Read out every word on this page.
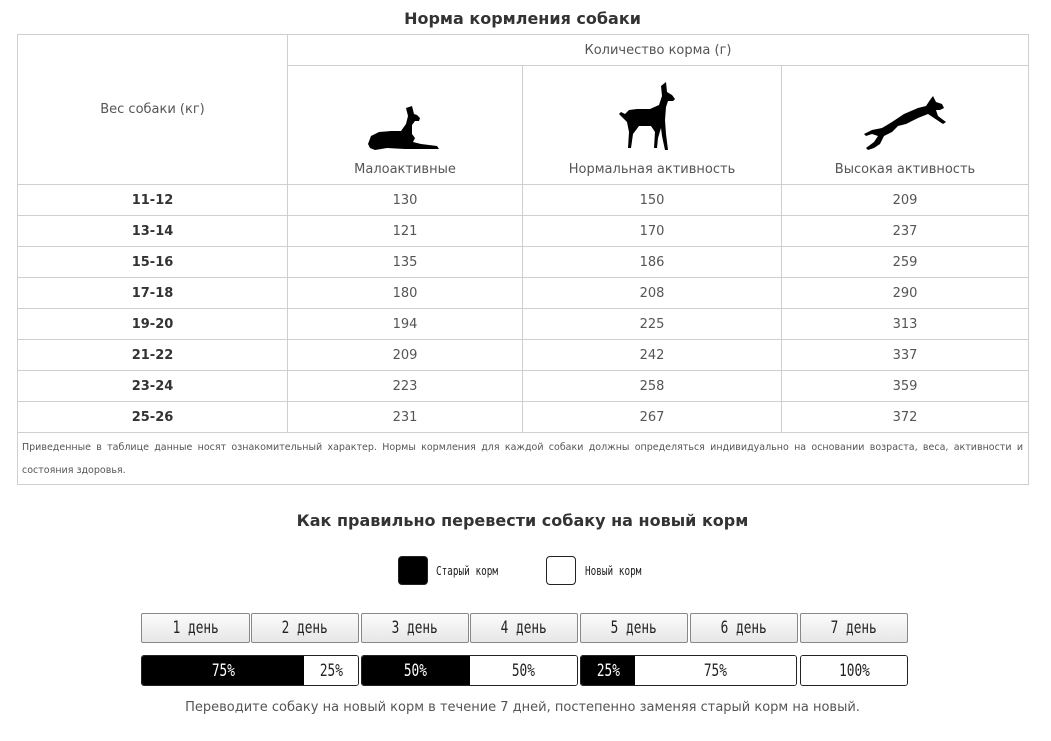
Норма кормления собаки
Вес собаки (кг)	Количество корма (г)		

	Малоактивные	Нормальная активность	Высокая активность

11-12	130	150	209
13-14	121	170	237
15-16	135	186	259
17-18	180	208	290
19-20	194	225	313
21-22	209	242	337
23-24	223	258	359
25-26	231	267	372
Приведенные в таблице данные носят ознакомительный характер. Нормы кормления для каждой собаки должны определяться индивидуально на основании возраста, веса, активности и состояния здоровья.			
Как правильно перевести собаку на новый корм
Старый корм	Новый корм
1 день	2 день	3 день	4 день	5 день	6 день	7 день
75%	25%	50%	50%	25%	75%	100%

Переводите собаку на новый корм в течение 7 дней, постепенно заменяя старый корм на новый.
